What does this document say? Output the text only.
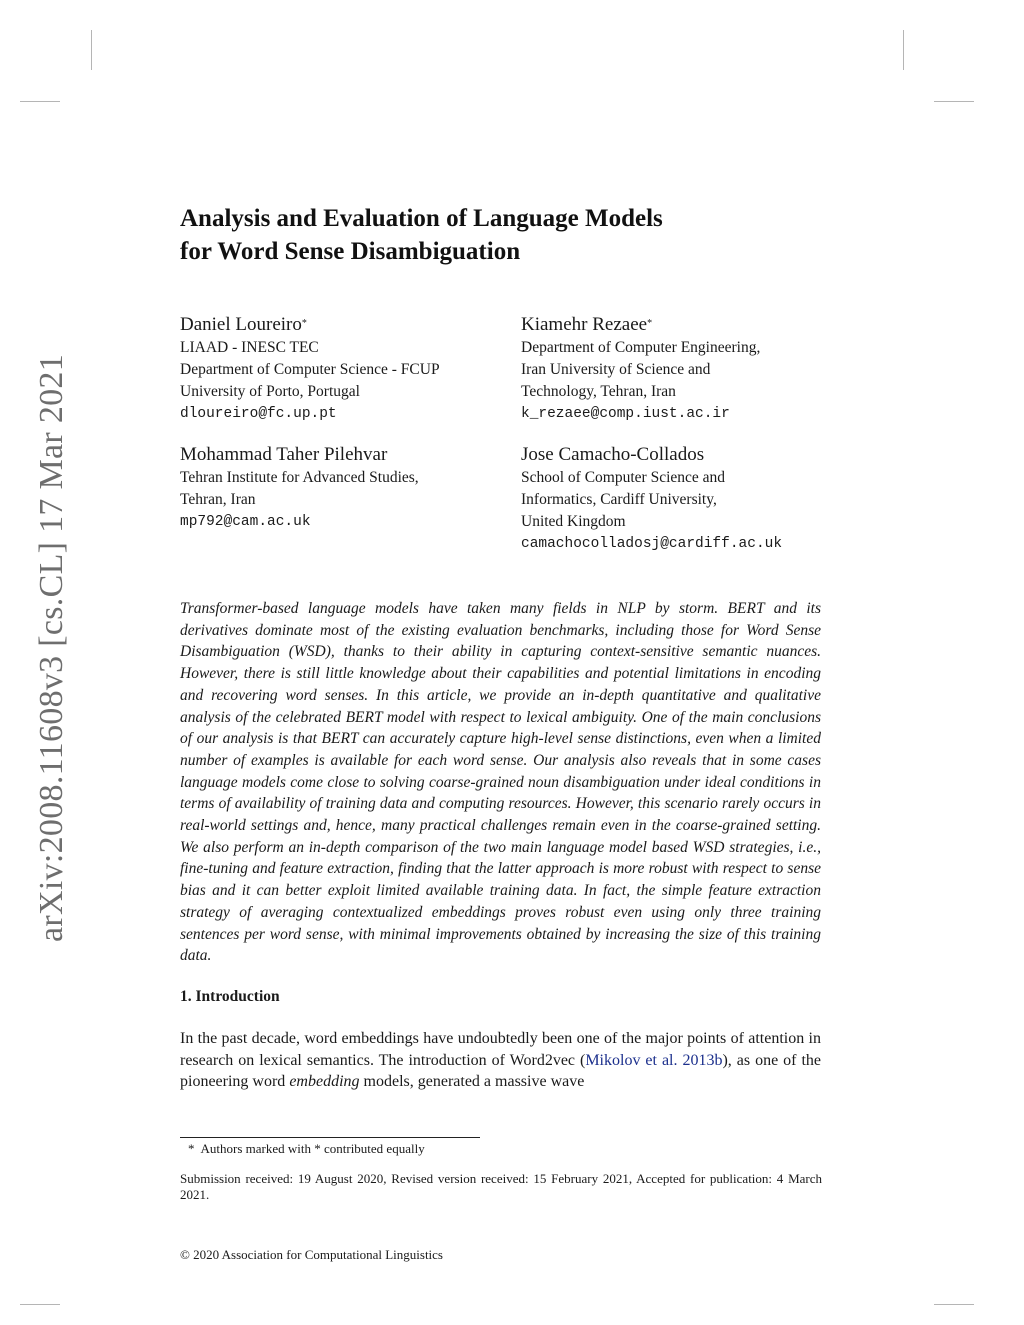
arXiv:2008.11608v3 [cs.CL] 17 Mar 2021
Analysis and Evaluation of Language Models
for Word Sense Disambiguation
Daniel Loureiro*
LIAAD - INESC TEC
Department of Computer Science - FCUP
University of Porto, Portugal
dloureiro@fc.up.pt
Kiamehr Rezaee*
Department of Computer Engineering,
Iran University of Science and
Technology, Tehran, Iran
k_rezaee@comp.iust.ac.ir
Mohammad Taher Pilehvar
Tehran Institute for Advanced Studies,
Tehran, Iran
mp792@cam.ac.uk
Jose Camacho-Collados
School of Computer Science and
Informatics, Cardiff University,
United Kingdom
camachocolladosj@cardiff.ac.uk

Transformer-based language models have taken many fields in NLP by storm. BERT and its derivatives dominate most of the existing evaluation benchmarks, including those for Word Sense Disambiguation (WSD), thanks to their ability in capturing context-sensitive semantic nuances. However, there is still little knowledge about their capabilities and potential limitations in encoding and recovering word senses. In this article, we provide an in-depth quantitative and qualitative analysis of the celebrated BERT model with respect to lexical ambiguity. One of the main conclusions of our analysis is that BERT can accurately capture high-level sense distinctions, even when a limited number of examples is available for each word sense. Our analysis also reveals that in some cases language models come close to solving coarse-grained noun disambiguation under ideal conditions in terms of availability of training data and computing resources. However, this scenario rarely occurs in real-world settings and, hence, many practical challenges remain even in the coarse-grained setting. We also perform an in-depth comparison of the two main language model based WSD strategies, i.e., fine-tuning and feature extraction, finding that the latter approach is more robust with respect to sense bias and it can better exploit limited available training data. In fact, the simple feature extraction strategy of averaging contextualized embeddings proves robust even using only three training sentences per word sense, with minimal improvements obtained by increasing the size of this training data.

1. Introduction

In the past decade, word embeddings have undoubtedly been one of the major points of attention in research on lexical semantics. The introduction of Word2vec (Mikolov et al. 2013b), as one of the pioneering word embedding models, generated a massive wave

* Authors marked with * contributed equally

Submission received: 19 August 2020, Revised version received: 15 February 2021, Accepted for publication: 4 March 2021.

© 2020 Association for Computational Linguistics
